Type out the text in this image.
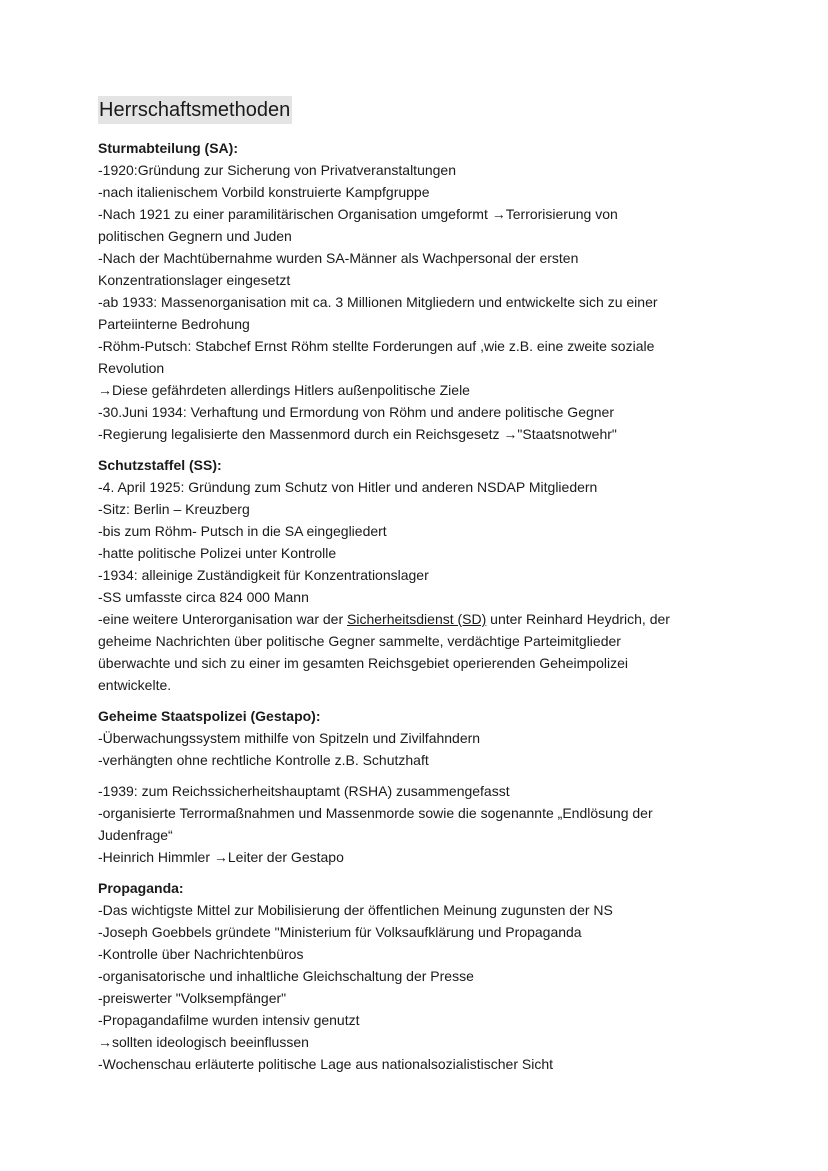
Herrschaftsmethoden

Sturmabteilung (SA):

-1920:Gründung zur Sicherung von Privatveranstaltungen

-nach italienischem Vorbild konstruierte Kampfgruppe

-Nach 1921 zu einer paramilitärischen Organisation umgeformt →Terrorisierung von

politischen Gegnern und Juden

-Nach der Machtübernahme wurden SA-Männer als Wachpersonal der ersten

Konzentrationslager eingesetzt

-ab 1933: Massenorganisation mit ca. 3 Millionen Mitgliedern und entwickelte sich zu einer

Parteiinterne Bedrohung

-Röhm-Putsch: Stabchef Ernst Röhm stellte Forderungen auf ,wie z.B. eine zweite soziale

Revolution

→Diese gefährdeten allerdings Hitlers außenpolitische Ziele

-30.Juni 1934: Verhaftung und Ermordung von Röhm und andere politische Gegner

-Regierung legalisierte den Massenmord durch ein Reichsgesetz →"Staatsnotwehr"

Schutzstaffel (SS):

-4. April 1925: Gründung zum Schutz von Hitler und anderen NSDAP Mitgliedern

-Sitz: Berlin – Kreuzberg

-bis zum Röhm- Putsch in die SA eingegliedert

-hatte politische Polizei unter Kontrolle

-1934: alleinige Zuständigkeit für Konzentrationslager

-SS umfasste circa 824 000 Mann

-eine weitere Unterorganisation war der Sicherheitsdienst (SD) unter Reinhard Heydrich, der

geheime Nachrichten über politische Gegner sammelte, verdächtige Parteimitglieder

überwachte und sich zu einer im gesamten Reichsgebiet operierenden Geheimpolizei

entwickelte.

Geheime Staatspolizei (Gestapo):

-Überwachungssystem mithilfe von Spitzeln und Zivilfahndern

-verhängten ohne rechtliche Kontrolle z.B. Schutzhaft

-1939: zum Reichssicherheitshauptamt (RSHA) zusammengefasst

-organisierte Terrormaßnahmen und Massenmorde sowie die sogenannte „Endlösung der

Judenfrage“

-Heinrich Himmler →Leiter der Gestapo

Propaganda:

-Das wichtigste Mittel zur Mobilisierung der öffentlichen Meinung zugunsten der NS

-Joseph Goebbels gründete "Ministerium für Volksaufklärung und Propaganda

-Kontrolle über Nachrichtenbüros

-organisatorische und inhaltliche Gleichschaltung der Presse

-preiswerter "Volksempfänger"

-Propagandafilme wurden intensiv genutzt

→sollten ideologisch beeinflussen

-Wochenschau erläuterte politische Lage aus nationalsozialistischer Sicht
